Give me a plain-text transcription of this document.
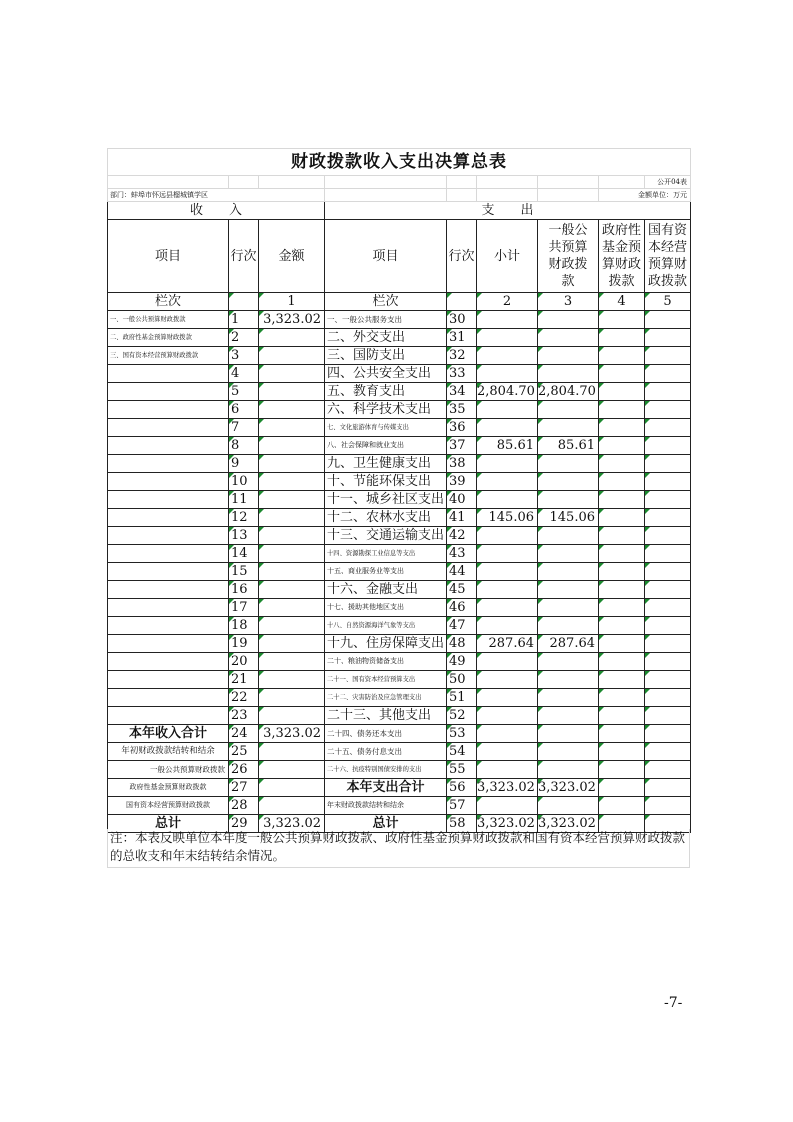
财政拨款收入支出决算总表								
								公开04表
部门：蚌埠市怀远县榴城镇学区							金额单位：万元	
收　　入			支　　出					
项目	行次	金额	项目	行次	小计	一般公共预算财政拨款	政府性基金预算财政拨款	国有资本经营预算财政拨款
栏次		1	栏次		2	3	4	5
一、一般公共预算财政拨款	1	3,323.02	一、一般公共服务支出	30				
二、政府性基金预算财政拨款	2		二、外交支出	31				
三、国有资本经营预算财政拨款	3		三、国防支出	32				
	4		四、公共安全支出	33				
	5		五、教育支出	34	2,804.70	2,804.70		
	6		六、科学技术支出	35				
	7		七、文化旅游体育与传媒支出	36				
	8		八、社会保障和就业支出	37	85.61	85.61		
	9		九、卫生健康支出	38				
	10		十、节能环保支出	39				
	11		十一、城乡社区支出	40				
	12		十二、农林水支出	41	145.06	145.06		
	13		十三、交通运输支出	42				
	14		十四、资源勘探工业信息等支出	43				
	15		十五、商业服务业等支出	44				
	16		十六、金融支出	45				
	17		十七、援助其他地区支出	46				
	18		十八、自然资源海洋气象等支出	47				
	19		十九、住房保障支出	48	287.64	287.64		
	20		二十、粮油物资储备支出	49				
	21		二十一、国有资本经营预算支出	50				
	22		二十二、灾害防治及应急管理支出	51				
	23		二十三、其他支出	52				
本年收入合计	24	3,323.02	二十四、债务还本支出	53				
年初财政拨款结转和结余	25		二十五、债务付息支出	54				
一般公共预算财政拨款	26		二十六、抗疫特别国债安排的支出	55				
政府性基金预算财政拨款	27		本年支出合计	56	3,323.02	3,323.02		
国有资本经营预算财政拨款	28		年末财政拨款结转和结余	57				
总计	29	3,323.02	总计	58	3,323.02	3,323.02		
注：本表反映单位本年度一般公共预算财政拨款、政府性基金预算财政拨款和国有资本经营预算财政拨款的总收支和年末结转结余情况。
-7-
